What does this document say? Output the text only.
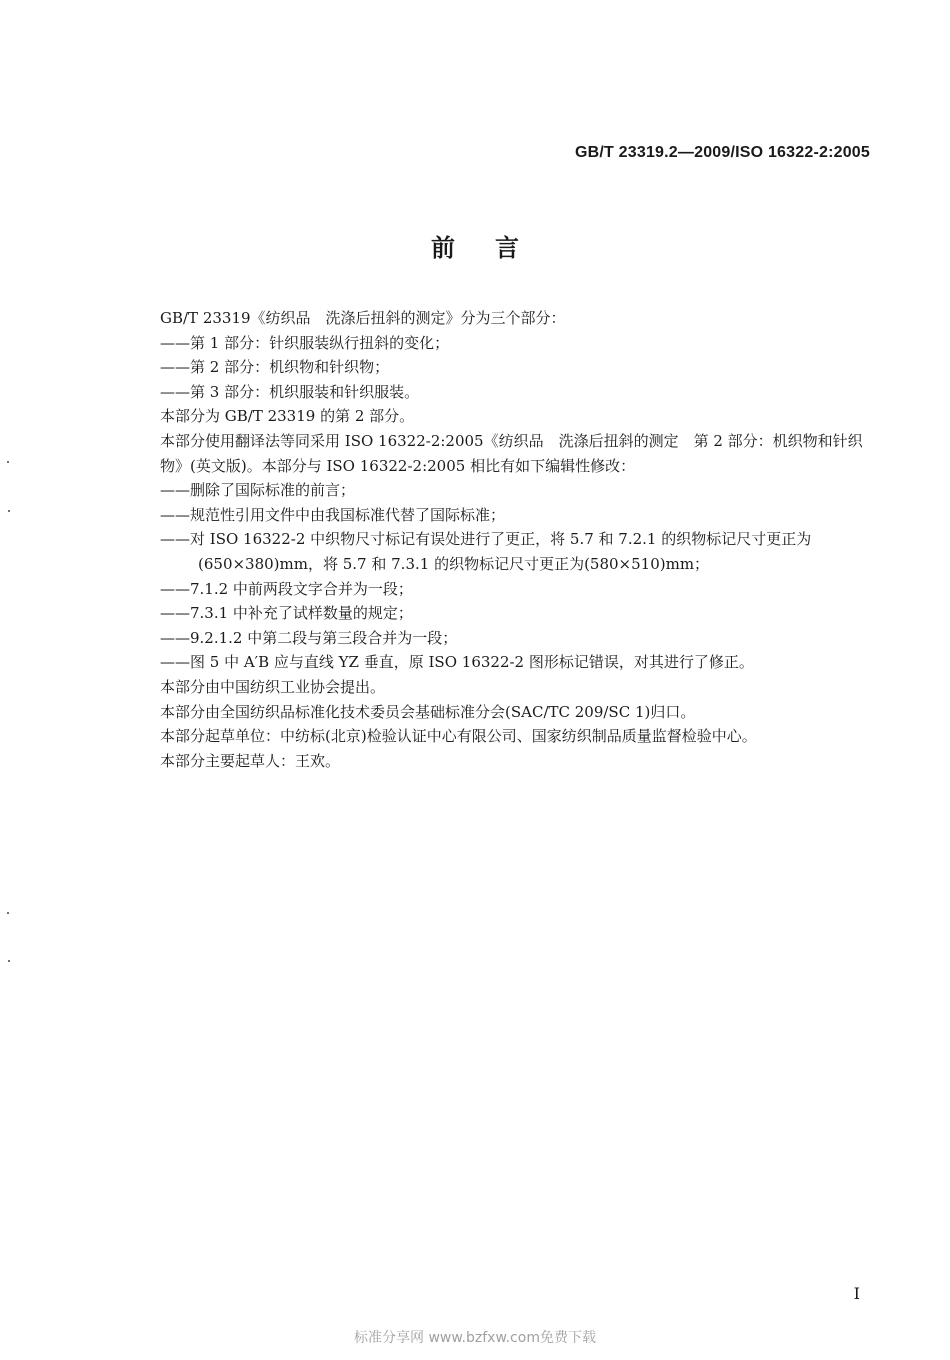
GB/T 23319.2—2009/ISO 16322-2:2005
前言
GB/T 23319《纺织品　洗涤后扭斜的测定》分为三个部分：
——第 1 部分：针织服装纵行扭斜的变化；
——第 2 部分：机织物和针织物；
——第 3 部分：机织服装和针织服装。
本部分为 GB/T 23319 的第 2 部分。
本部分使用翻译法等同采用 ISO 16322-2:2005《纺织品　洗涤后扭斜的测定　第 2 部分：机织物和针织物》(英文版)。本部分与 ISO 16322-2:2005 相比有如下编辑性修改：
——删除了国际标准的前言；
——规范性引用文件中由我国标准代替了国际标准；
——对 ISO 16322-2 中织物尺寸标记有误处进行了更正，将 5.7 和 7.2.1 的织物标记尺寸更正为
(650×380)mm，将 5.7 和 7.3.1 的织物标记尺寸更正为(580×510)mm；
——7.1.2 中前两段文字合并为一段；
——7.3.1 中补充了试样数量的规定；
——9.2.1.2 中第二段与第三段合并为一段；
——图 5 中 A′B 应与直线 YZ 垂直，原 ISO 16322-2 图形标记错误，对其进行了修正。
本部分由中国纺织工业协会提出。
本部分由全国纺织品标准化技术委员会基础标准分会(SAC/TC 209/SC 1)归口。
本部分起草单位：中纺标(北京)检验认证中心有限公司、国家纺织制品质量监督检验中心。
本部分主要起草人：王欢。
I
标准分享网 www.bzfxw.com免费下载
